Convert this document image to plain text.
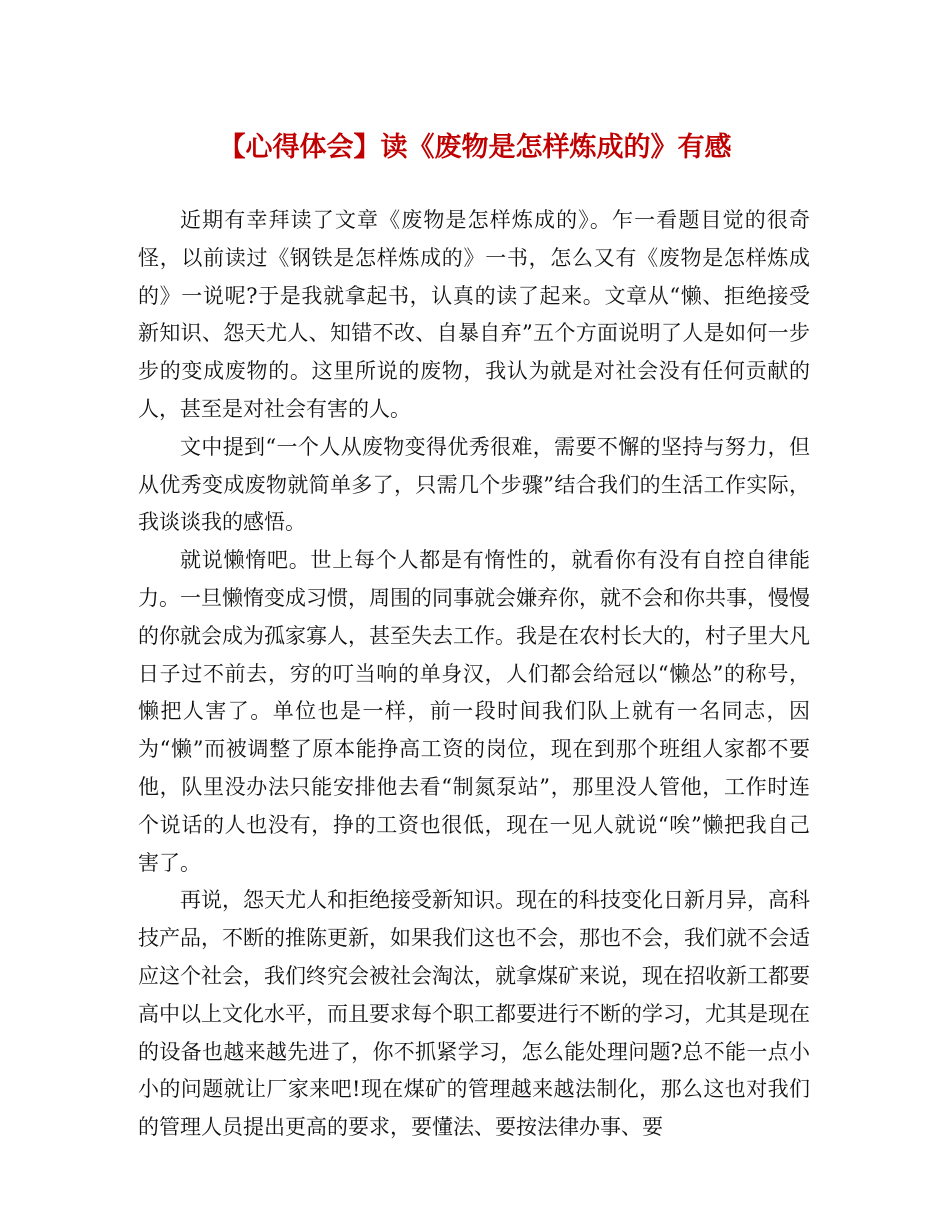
【心得体会】读《废物是怎样炼成的》有感

近期有幸拜读了文章《废物是怎样炼成的》。乍一看题目觉的很奇怪，以前读过《钢铁是怎样炼成的》一书，怎么又有《废物是怎样炼成的》一说呢?于是我就拿起书，认真的读了起来。文章从“懒、拒绝接受新知识、怨天尤人、知错不改、自暴自弃”五个方面说明了人是如何一步步的变成废物的。这里所说的废物，我认为就是对社会没有任何贡献的人，甚至是对社会有害的人。

文中提到“一个人从废物变得优秀很难，需要不懈的坚持与努力，但从优秀变成废物就简单多了，只需几个步骤”结合我们的生活工作实际，我谈谈我的感悟。

就说懒惰吧。世上每个人都是有惰性的，就看你有没有自控自律能力。一旦懒惰变成习惯，周围的同事就会嫌弃你，就不会和你共事，慢慢的你就会成为孤家寡人，甚至失去工作。我是在农村长大的，村子里大凡日子过不前去，穷的叮当响的单身汉，人们都会给冠以“懒怂”的称号，懒把人害了。单位也是一样，前一段时间我们队上就有一名同志，因为“懒”而被调整了原本能挣高工资的岗位，现在到那个班组人家都不要他，队里没办法只能安排他去看“制氮泵站”，那里没人管他，工作时连个说话的人也没有，挣的工资也很低，现在一见人就说“唉”懒把我自己害了。

再说，怨天尤人和拒绝接受新知识。现在的科技变化日新月异，高科技产品，不断的推陈更新，如果我们这也不会，那也不会，我们就不会适应这个社会，我们终究会被社会淘汰，就拿煤矿来说，现在招收新工都要高中以上文化水平，而且要求每个职工都要进行不断的学习，尤其是现在的设备也越来越先进了，你不抓紧学习，怎么能处理问题?总不能一点小小的问题就让厂家来吧!现在煤矿的管理越来越法制化，那么这也对我们的管理人员提出更高的要求，要懂法、要按法律办事、要
